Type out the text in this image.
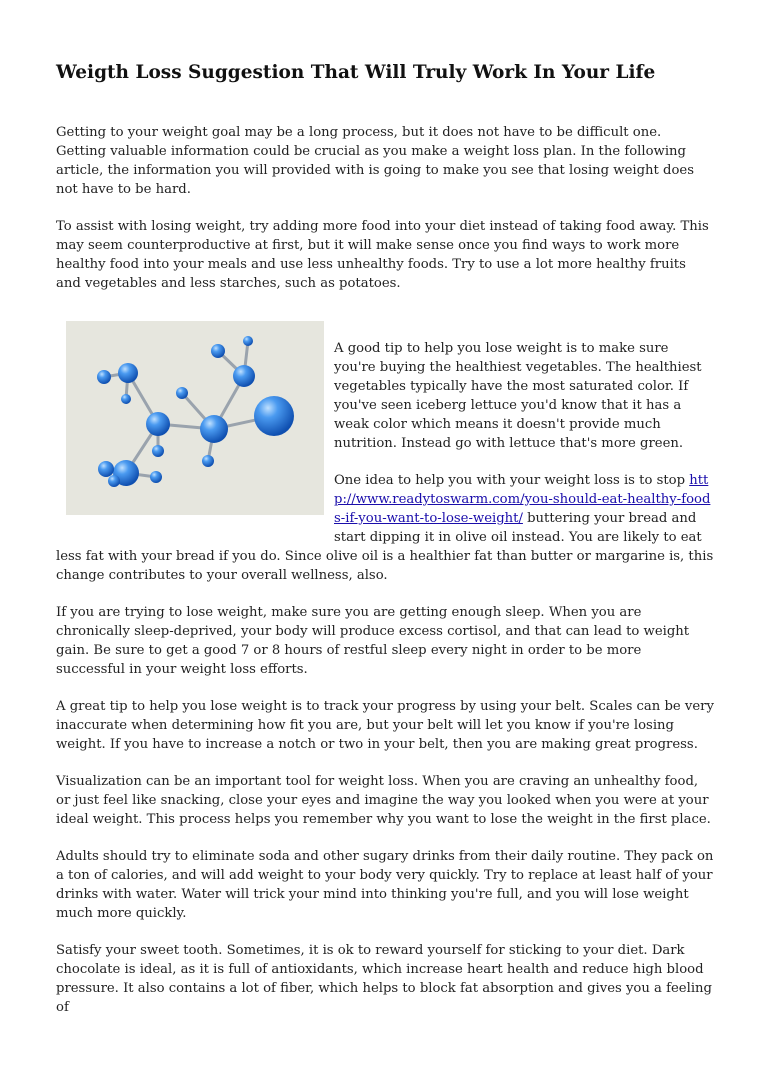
Weigth Loss Suggestion That Will Truly Work In Your Life

Getting to your weight goal may be a long process, but it does not have to be difficult one. Getting valuable information could be crucial as you make a weight loss plan. In the following article, the information you will provided with is going to make you see that losing weight does not have to be hard.

To assist with losing weight, try adding more food into your diet instead of taking food away. This may seem counterproductive at first, but it will make sense once you find ways to work more healthy food into your meals and use less unhealthy foods. Try to use a lot more healthy fruits and vegetables and less starches, such as potatoes.

A good tip to help you lose weight is to make sure you're buying the healthiest vegetables. The healthiest vegetables typically have the most saturated color. If you've seen iceberg lettuce you'd know that it has a weak color which means it doesn't provide much nutrition. Instead go with lettuce that's more green.

One idea to help you with your weight loss is to stop http://www.readytoswarm.com/you-should-eat-healthy-foods-if-you-want-to-lose-weight/ buttering your bread and start dipping it in olive oil instead. You are likely to eat less fat with your bread if you do. Since olive oil is a healthier fat than butter or margarine is, this change contributes to your overall wellness, also.

If you are trying to lose weight, make sure you are getting enough sleep. When you are chronically sleep-deprived, your body will produce excess cortisol, and that can lead to weight gain. Be sure to get a good 7 or 8 hours of restful sleep every night in order to be more successful in your weight loss efforts.

A great tip to help you lose weight is to track your progress by using your belt. Scales can be very inaccurate when determining how fit you are, but your belt will let you know if you're losing weight. If you have to increase a notch or two in your belt, then you are making great progress.

Visualization can be an important tool for weight loss. When you are craving an unhealthy food, or just feel like snacking, close your eyes and imagine the way you looked when you were at your ideal weight. This process helps you remember why you want to lose the weight in the first place.

Adults should try to eliminate soda and other sugary drinks from their daily routine. They pack on a ton of calories, and will add weight to your body very quickly. Try to replace at least half of your drinks with water. Water will trick your mind into thinking you're full, and you will lose weight much more quickly.

Satisfy your sweet tooth. Sometimes, it is ok to reward yourself for sticking to your diet. Dark chocolate is ideal, as it is full of antioxidants, which increase heart health and reduce high blood pressure. It also contains a lot of fiber, which helps to block fat absorption and gives you a feeling of
